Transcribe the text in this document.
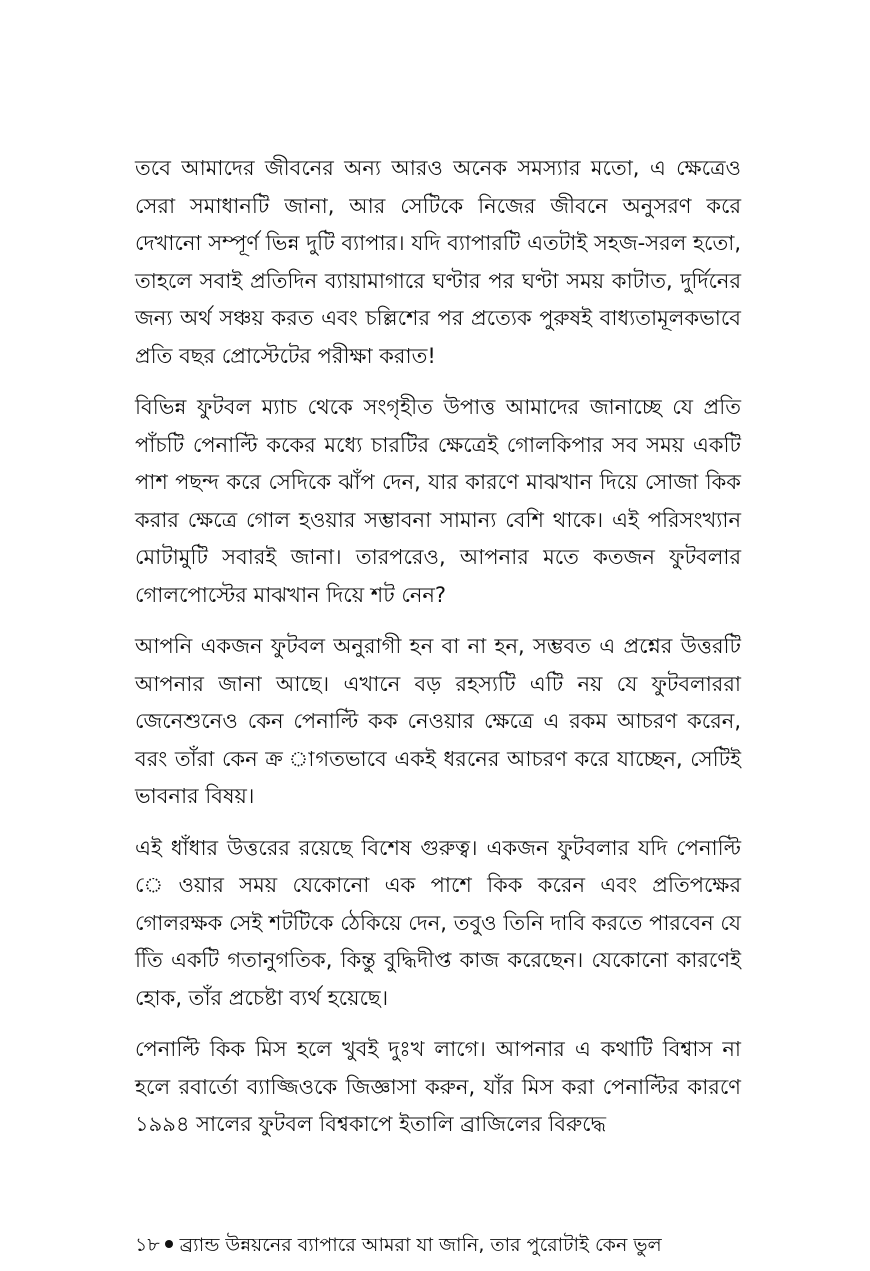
তবে আমাদের জীবনের অন্য আরও অনেক সমস্যার মতো, এ ক্ষেত্রেও সেরা সমাধানটি জানা, আর সেটিকে নিজের জীবনে অনুসরণ করে দেখানো সম্পূর্ণ ভিন্ন দুটি ব্যাপার। যদি ব্যাপারটি এতটাই সহজ-সরল হতো, তাহলে সবাই প্রতিদিন ব্যায়ামাগারে ঘণ্টার পর ঘণ্টা সময় কাটাত, দুর্দিনের জন্য অর্থ সঞ্চয় করত এবং চল্লিশের পর প্রত্যেক পুরুষই বাধ্যতামূলকভাবে প্রতি বছর প্রোস্টেটের পরীক্ষা করাত!

বিভিন্ন ফুটবল ম্যাচ থেকে সংগৃহীত উপাত্ত আমাদের জানাচ্ছে যে প্রতি পাঁচটি পেনাল্টি ককের মধ্যে চারটির ক্ষেত্রেই গোলকিপার সব সময় একটি পাশ পছন্দ করে সেদিকে ঝাঁপ দেন, যার কারণে মাঝখান দিয়ে সোজা কিক করার ক্ষেত্রে গোল হওয়ার সম্ভাবনা সামান্য বেশি থাকে। এই পরিসংখ্যান মোটামুটি সবারই জানা। তারপরেও, আপনার মতে কতজন ফুটবলার গোলপোস্টের মাঝখান দিয়ে শট নেন?

আপনি একজন ফুটবল অনুরাগী হন বা না হন, সম্ভবত এ প্রশ্নের উত্তরটি আপনার জানা আছে। এখানে বড় রহস্যটি এটি নয় যে ফুটবলাররা জেনেশুনেও কেন পেনাল্টি কক নেওয়ার ক্ষেত্রে এ রকম আচরণ করেন, বরং তাঁরা কেন ক্র াগতভাবে একই ধরনের আচরণ করে যাচ্ছেন, সেটিই ভাবনার বিষয়।

এই ধাঁধার উত্তরের রয়েছে বিশেষ গুরুত্ব। একজন ফুটবলার যদি পেনাল্টি ে ওয়ার সময় যেকোনো এক পাশে কিক করেন এবং প্রতিপক্ষের গোলরক্ষক সেই শটটিকে ঠেকিয়ে দেন, তবুও তিনি দাবি করতে পারবেন যে তিি একটি গতানুগতিক, কিন্তু বুদ্ধিদীপ্ত কাজ করেছেন। যেকোনো কারণেই হোক, তাঁর প্রচেষ্টা ব্যর্থ হয়েছে।

পেনাল্টি কিক মিস হলে খুবই দুঃখ লাগে। আপনার এ কথাটি বিশ্বাস না হলে রবার্তো ব্যাজ্জিওকে জিজ্ঞাসা করুন, যাঁর মিস করা পেনাল্টির কারণে ১৯৯৪ সালের ফুটবল বিশ্বকাপে ইতালি ব্রাজিলের বিরুদ্ধে

১৮ ব্র্যান্ড উন্নয়নের ব্যাপারে আমরা যা জানি, তার পুরোটাই কেন ভুল
